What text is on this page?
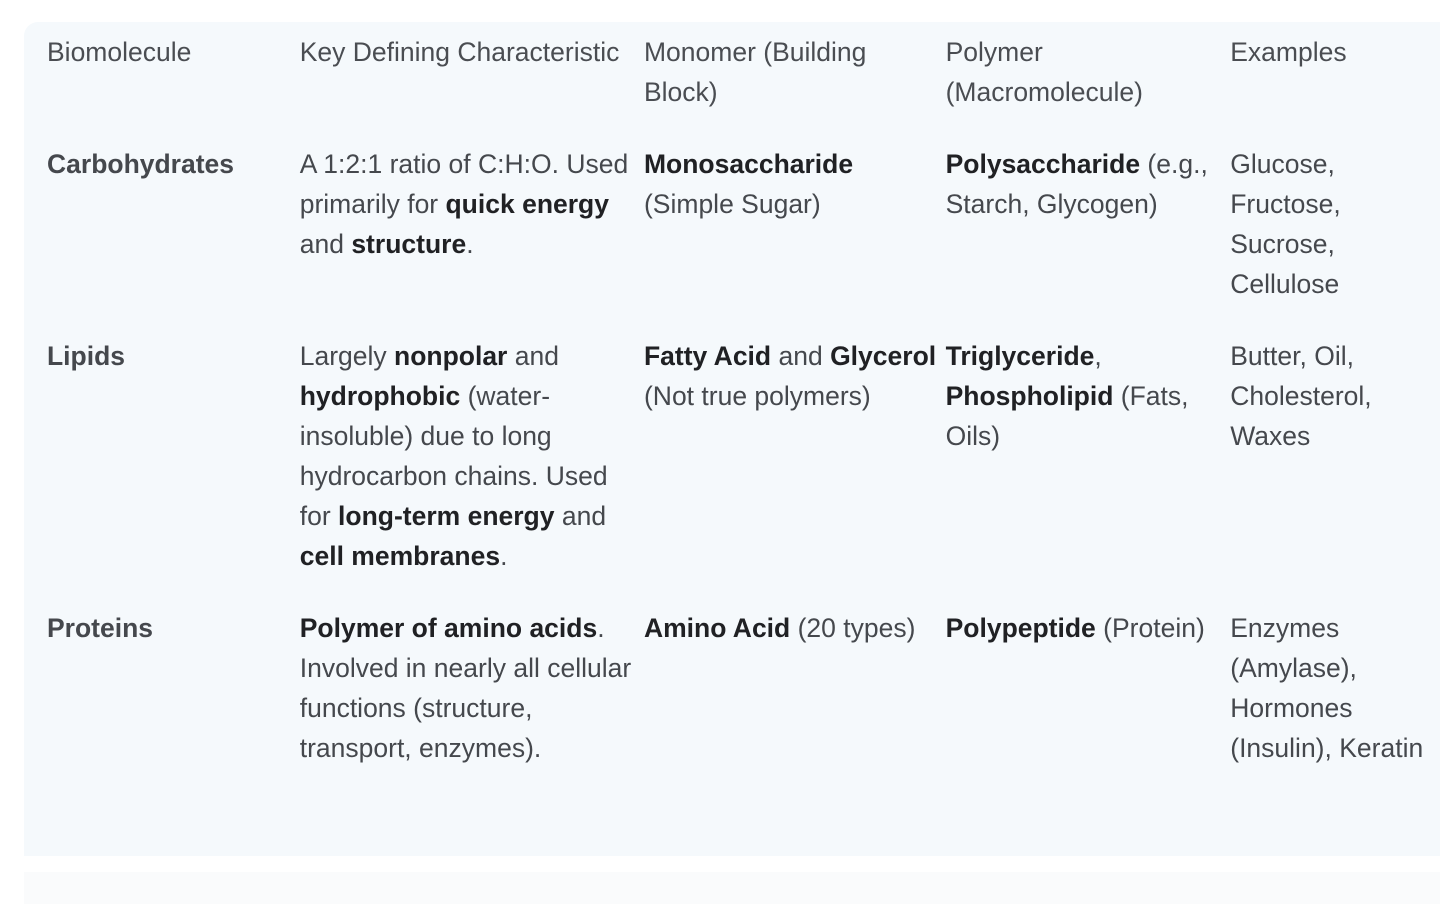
Biomolecule	Key Defining Characteristic	Monomer (Building Block)	Polymer (Macromolecule)	Examples
Carbohydrates	A 1:2:1 ratio of C:H:O. Used primarily for quick energy and structure.	Monosaccharide (Simple Sugar)	Polysaccharide (e.g., Starch, Glycogen)	Glucose, Fructose, Sucrose, Cellulose
Lipids	Largely nonpolar and hydrophobic (water-insoluble) due to long hydrocarbon chains. Used for long-term energy and cell membranes.	Fatty Acid and Glycerol (Not true polymers)	Triglyceride, Phospholipid (Fats, Oils)	Butter, Oil, Cholesterol, Waxes
Proteins	Polymer of amino acids. Involved in nearly all cellular functions (structure, transport, enzymes).	Amino Acid (20 types)	Polypeptide (Protein)	Enzymes (Amylase), Hormones (Insulin), Keratin
